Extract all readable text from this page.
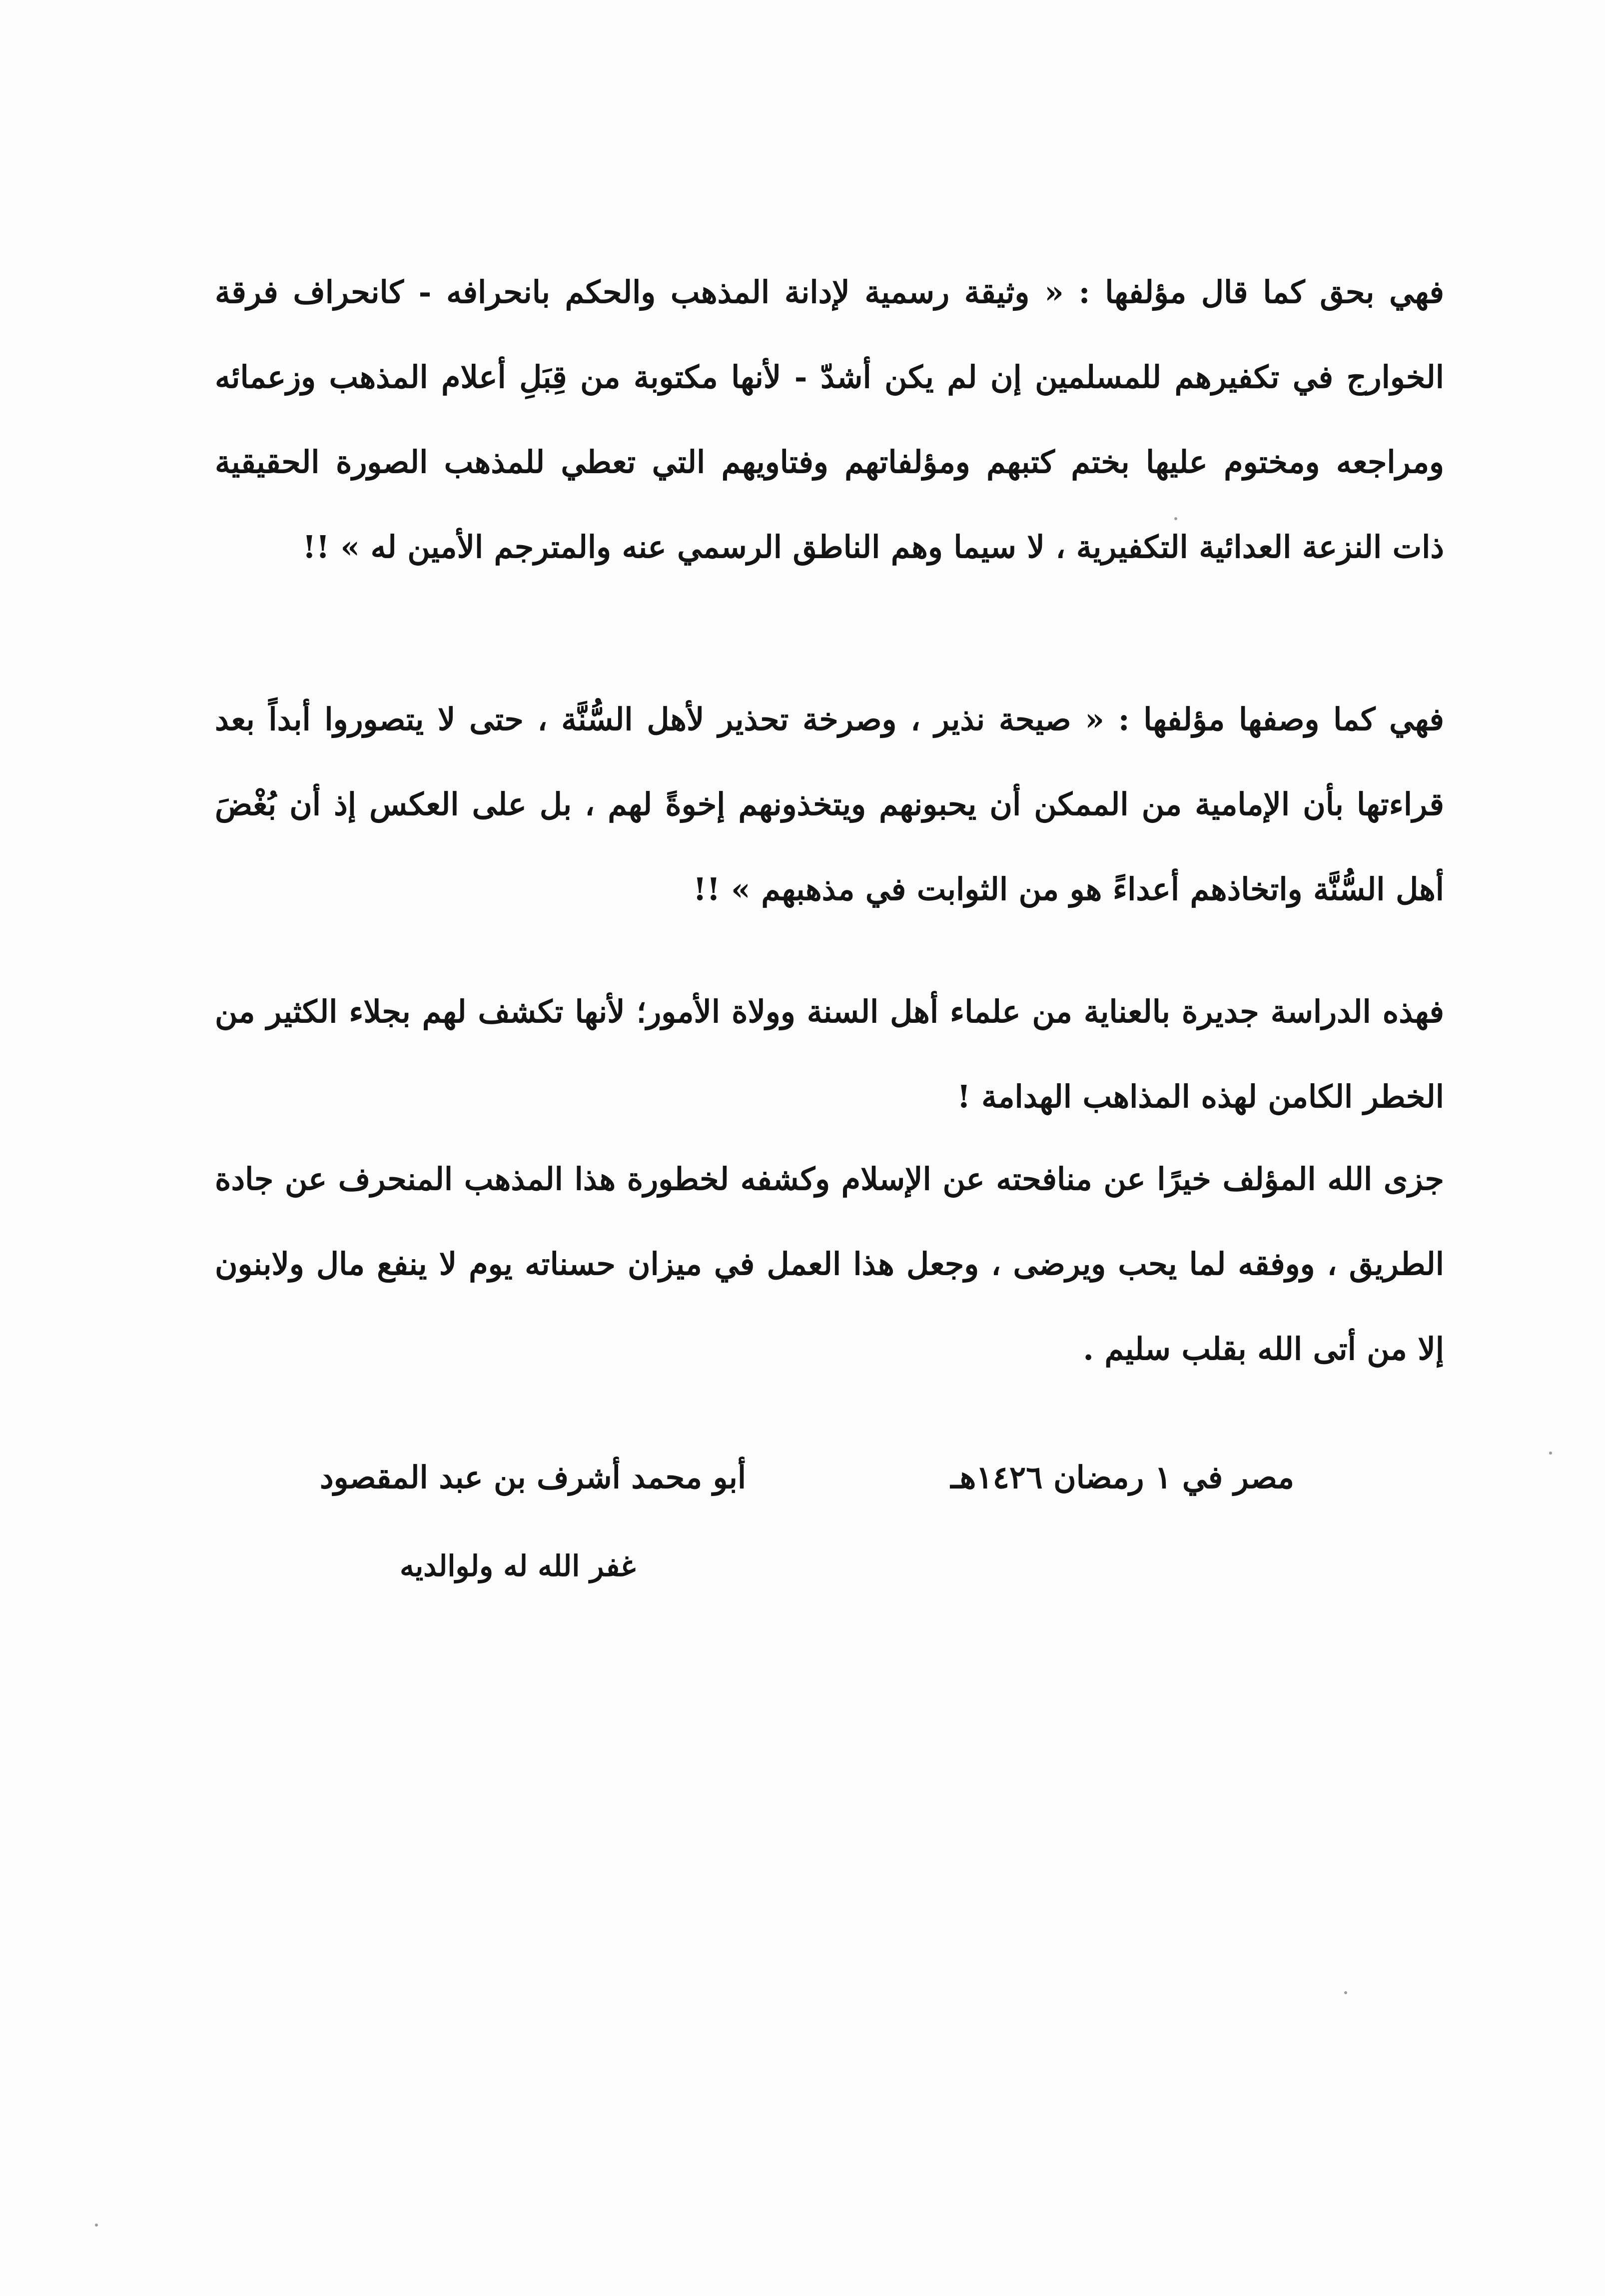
فهي بحق كما قال مؤلفها : « وثيقة رسمية لإدانة المذهب والحكم بانحرافه - كانحراف فرقة الخوارج في تكفيرهم للمسلمين إن لم يكن أشدّ - لأنها مكتوبة من قِبَلِ أعلام المذهب وزعمائه ومراجعه ومختوم عليها بختم كتبهم ومؤلفاتهم وفتاويهم التي تعطي للمذهب الصورة الحقيقية ذات النزعة العدائية التكفيرية ، لا سيما وهم الناطق الرسمي عنه والمترجم الأمين له » !!

فهي كما وصفها مؤلفها : « صيحة نذير ، وصرخة تحذير لأهل السُّنَّة ، حتى لا يتصوروا أبداً بعد قراءتها بأن الإمامية من الممكن أن يحبونهم ويتخذونهم إخوةً لهم ، بل على العكس إذ أن بُغْضَ أهل السُّنَّة واتخاذهم أعداءً هو من الثوابت في مذهبهم » !!

فهذه الدراسة جديرة بالعناية من علماء أهل السنة وولاة الأمور؛ لأنها تكشف لهم بجلاء الكثير من الخطر الكامن لهذه المذاهب الهدامة !

جزى الله المؤلف خيرًا عن منافحته عن الإسلام وكشفه لخطورة هذا المذهب المنحرف عن جادة الطريق ، ووفقه لما يحب ويرضى ، وجعل هذا العمل في ميزان حسناته يوم لا ينفع مال ولابنون إلا من أتى الله بقلب سليم .

مصر في ١ رمضان ١٤٢٦هـ
أبو محمد أشرف بن عبد المقصود
غفر الله له ولوالديه
